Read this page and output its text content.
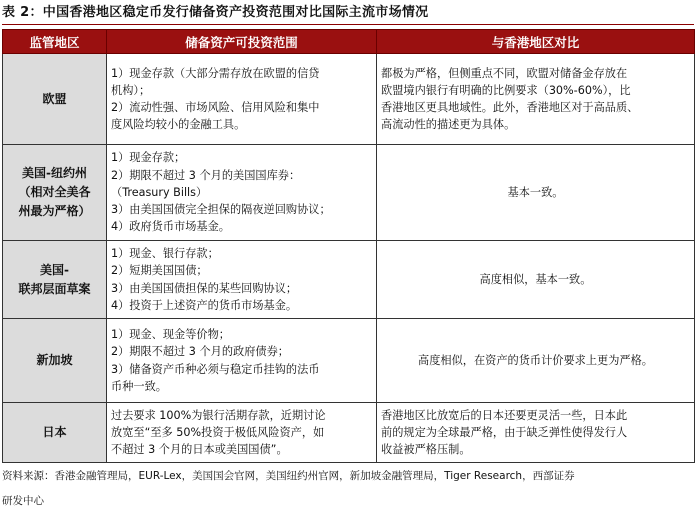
表 2：中国香港地区稳定币发行储备资产投资范围对比国际主流市场情况
监管地区	储备资产可投资范围	与香港地区对比

欧盟	1）现金存款（大部分需存放在欧盟的信贷
机构）；
2）流动性强、市场风险、信用风险和集中
度风险均较小的金融工具。	都极为严格，但侧重点不同，欧盟对储备金存放在
欧盟境内银行有明确的比例要求（30%-60%），比
香港地区更具地域性。此外，香港地区对于高品质、
高流动性的描述更为具体。

美国-纽约州
（相对全美各
州最为严格）	1）现金存款；
2）期限不超过 3 个月的美国国库券：
（Treasury Bills）
3）由美国国债完全担保的隔夜逆回购协议；
4）政府货币市场基金。	基本一致。

美国-
联邦层面草案	1）现金、银行存款；
2）短期美国国债；
3）由美国国债担保的某些回购协议；
4）投资于上述资产的货币市场基金。	高度相似，基本一致。

新加坡	1）现金、现金等价物；
2）期限不超过 3 个月的政府债券；
3）储备资产币种必须与稳定币挂钩的法币
币种一致。	高度相似，在资产的货币计价要求上更为严格。

日本	过去要求 100%为银行活期存款，近期讨论
放宽至“至多 50%投资于极低风险资产，如
不超过 3 个月的日本或美国国债”。	香港地区比放宽后的日本还要更灵活一些，日本此
前的规定为全球最严格，由于缺乏弹性使得发行人
收益被严格压制。
资料来源：香港金融管理局，EUR-Lex，美国国会官网，美国纽约州官网，新加坡金融管理局，Tiger Research，西部证券
研发中心
